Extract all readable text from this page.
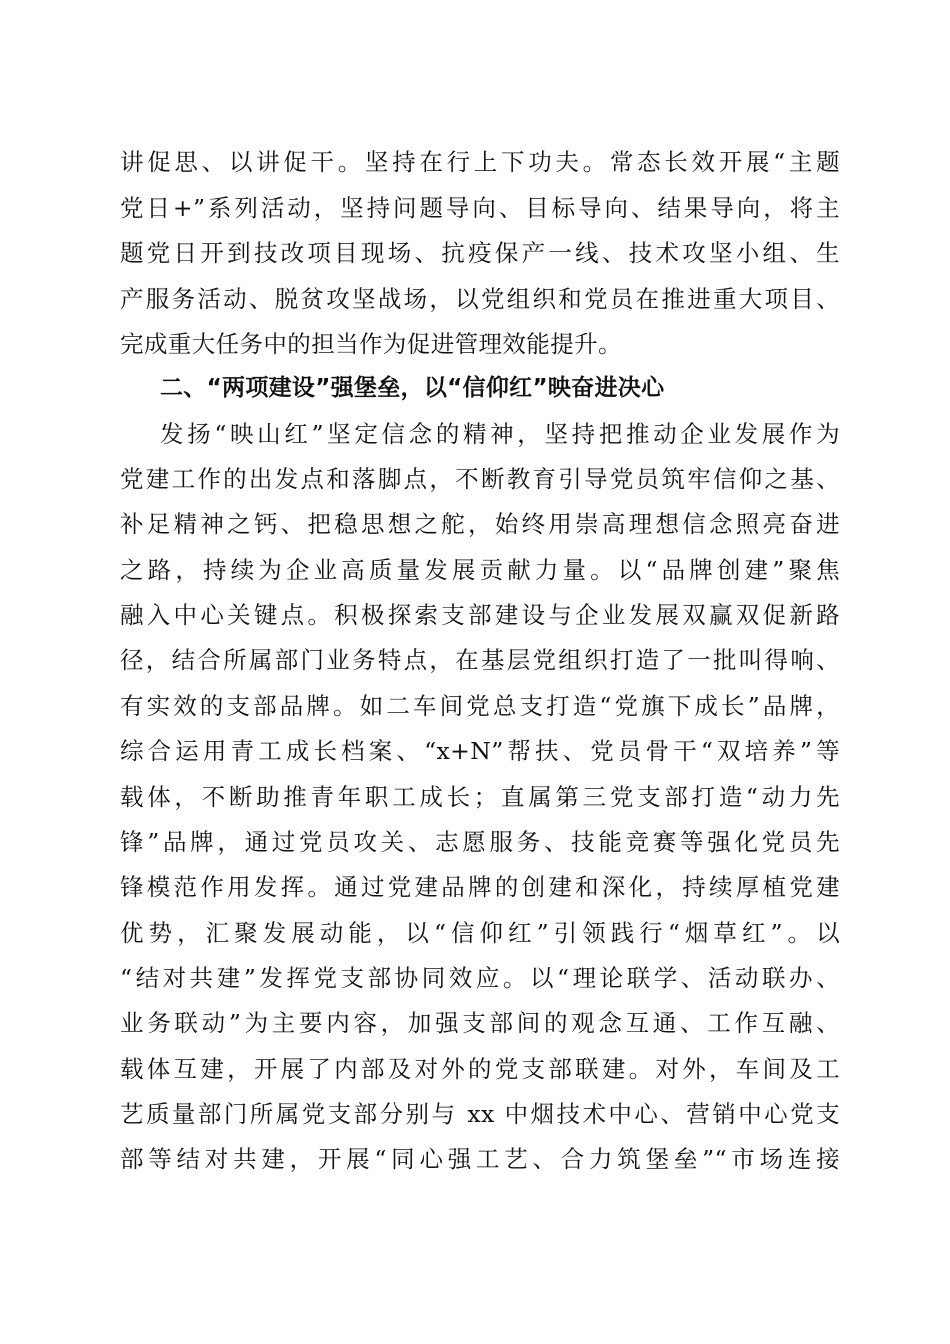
讲促思、以讲促干。坚持在行上下功夫。常态长效开展“主题
党日+”系列活动，坚持问题导向、目标导向、结果导向，将主
题党日开到技改项目现场、抗疫保产一线、技术攻坚小组、生
产服务活动、脱贫攻坚战场，以党组织和党员在推进重大项目、
完成重大任务中的担当作为促进管理效能提升。
二、“两项建设”强堡垒，以“信仰红”映奋进决心
发扬“映山红”坚定信念的精神，坚持把推动企业发展作为
党建工作的出发点和落脚点，不断教育引导党员筑牢信仰之基、
补足精神之钙、把稳思想之舵，始终用崇高理想信念照亮奋进
之路，持续为企业高质量发展贡献力量。以“品牌创建”聚焦
融入中心关键点。积极探索支部建设与企业发展双赢双促新路
径，结合所属部门业务特点，在基层党组织打造了一批叫得响、
有实效的支部品牌。如二车间党总支打造“党旗下成长”品牌，
综合运用青工成长档案、“x+N”帮扶、党员骨干“双培养”等
载体，不断助推青年职工成长；直属第三党支部打造“动力先
锋”品牌，通过党员攻关、志愿服务、技能竞赛等强化党员先
锋模范作用发挥。通过党建品牌的创建和深化，持续厚植党建
优势，汇聚发展动能，以“信仰红”引领践行“烟草红”。以
“结对共建”发挥党支部协同效应。以“理论联学、活动联办、
业务联动”为主要内容，加强支部间的观念互通、工作互融、
载体互建，开展了内部及对外的党支部联建。对外，车间及工
艺质量部门所属党支部分别与 xx 中烟技术中心、营销中心党支
部等结对共建，开展“同心强工艺、合力筑堡垒”“市场连接
